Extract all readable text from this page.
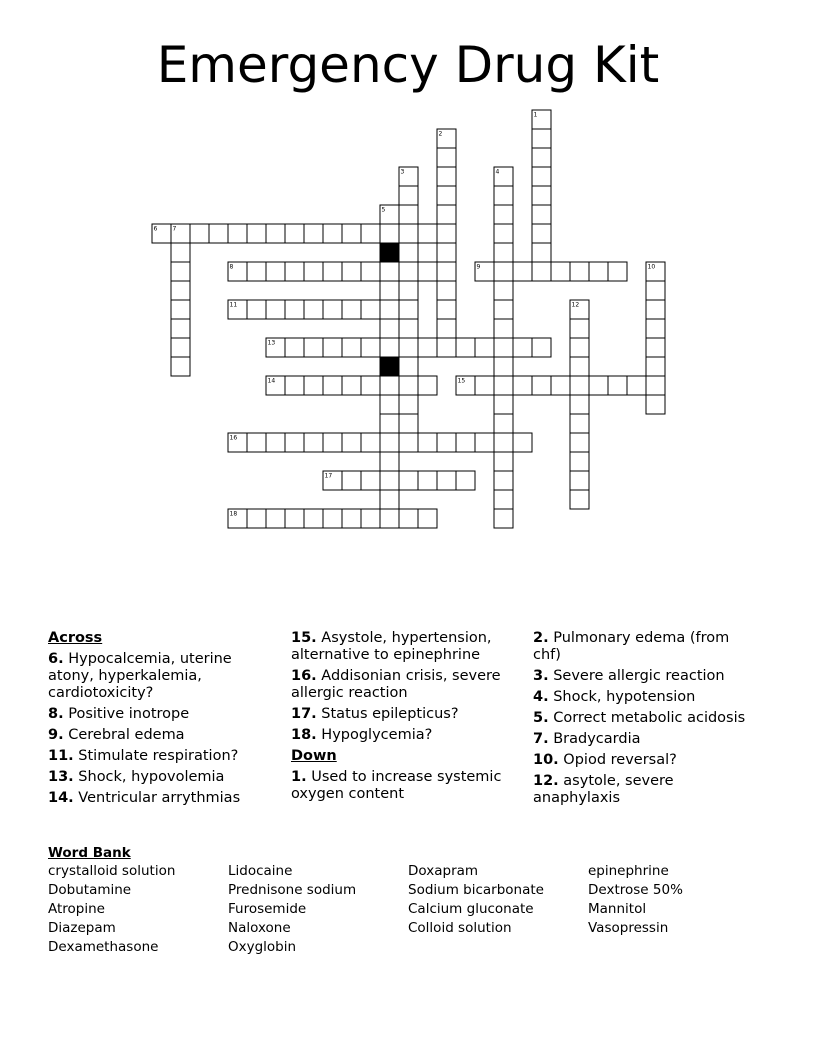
Emergency Drug Kit
1
2
3	4
5
6	7
8	9	10
11	12
13
14	15
16
17
18
Across
6. Hypocalcemia, uterine atony, hyperkalemia, cardiotoxicity?
8. Positive inotrope
9. Cerebral edema
11. Stimulate respiration?
13. Shock, hypovolemia
14. Ventricular arrythmias
15. Asystole, hypertension, alternative to epinephrine
16. Addisonian crisis, severe allergic reaction
17. Status epilepticus?
18. Hypoglycemia?
Down
1. Used to increase systemic oxygen content
2. Pulmonary edema (from chf)
3. Severe allergic reaction
4. Shock, hypotension
5. Correct metabolic acidosis
7. Bradycardia
10. Opiod reversal?
12. asytole, severe anaphylaxis
Word Bank
crystalloid solution
Dobutamine
Atropine
Diazepam
Dexamethasone
Lidocaine
Prednisone sodium
Furosemide
Naloxone
Oxyglobin
Doxapram
Sodium bicarbonate
Calcium gluconate
Colloid solution
epinephrine
Dextrose 50%
Mannitol
Vasopressin
